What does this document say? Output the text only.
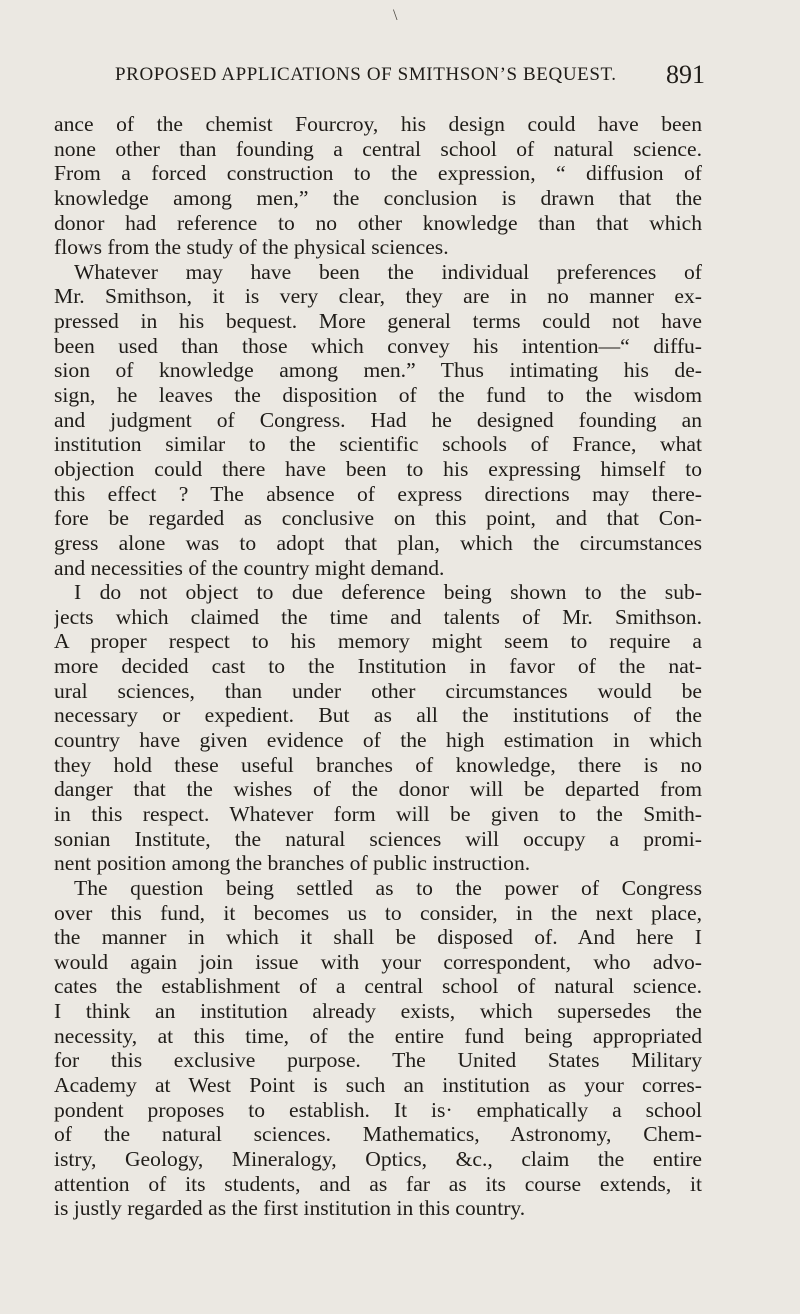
\
PROPOSED APPLICATIONS OF SMITHSON’S BEQUEST. 891
ance of the chemist Fourcroy, his design could have been
none other than founding a central school of natural science.
From a forced construction to the expression, “ diffusion of
knowledge among men,” the conclusion is drawn that the
donor had reference to no other knowledge than that which
flows from the study of the physical sciences.
Whatever may have been the individual preferences of
Mr. Smithson, it is very clear, they are in no manner ex-
pressed in his bequest. More general terms could not have
been used than those which convey his intention—“ diffu-
sion of knowledge among men.” Thus intimating his de-
sign, he leaves the disposition of the fund to the wisdom
and judgment of Congress. Had he designed founding an
institution similar to the scientific schools of France, what
objection could there have been to his expressing himself to
this effect ? The absence of express directions may there-
fore be regarded as conclusive on this point, and that Con-
gress alone was to adopt that plan, which the circumstances
and necessities of the country might demand.
I do not object to due deference being shown to the sub-
jects which claimed the time and talents of Mr. Smithson.
A proper respect to his memory might seem to require a
more decided cast to the Institution in favor of the nat-
ural sciences, than under other circumstances would be
necessary or expedient. But as all the institutions of the
country have given evidence of the high estimation in which
they hold these useful branches of knowledge, there is no
danger that the wishes of the donor will be departed from
in this respect. Whatever form will be given to the Smith-
sonian Institute, the natural sciences will occupy a promi-
nent position among the branches of public instruction.
The question being settled as to the power of Congress
over this fund, it becomes us to consider, in the next place,
the manner in which it shall be disposed of. And here I
would again join issue with your correspondent, who advo-
cates the establishment of a central school of natural science.
I think an institution already exists, which supersedes the
necessity, at this time, of the entire fund being appropriated
for this exclusive purpose. The United States Military
Academy at West Point is such an institution as your corres-
pondent proposes to establish. It is· emphatically a school
of the natural sciences. Mathematics, Astronomy, Chem-
istry, Geology, Mineralogy, Optics, &c., claim the entire
attention of its students, and as far as its course extends, it
is justly regarded as the first institution in this country.
